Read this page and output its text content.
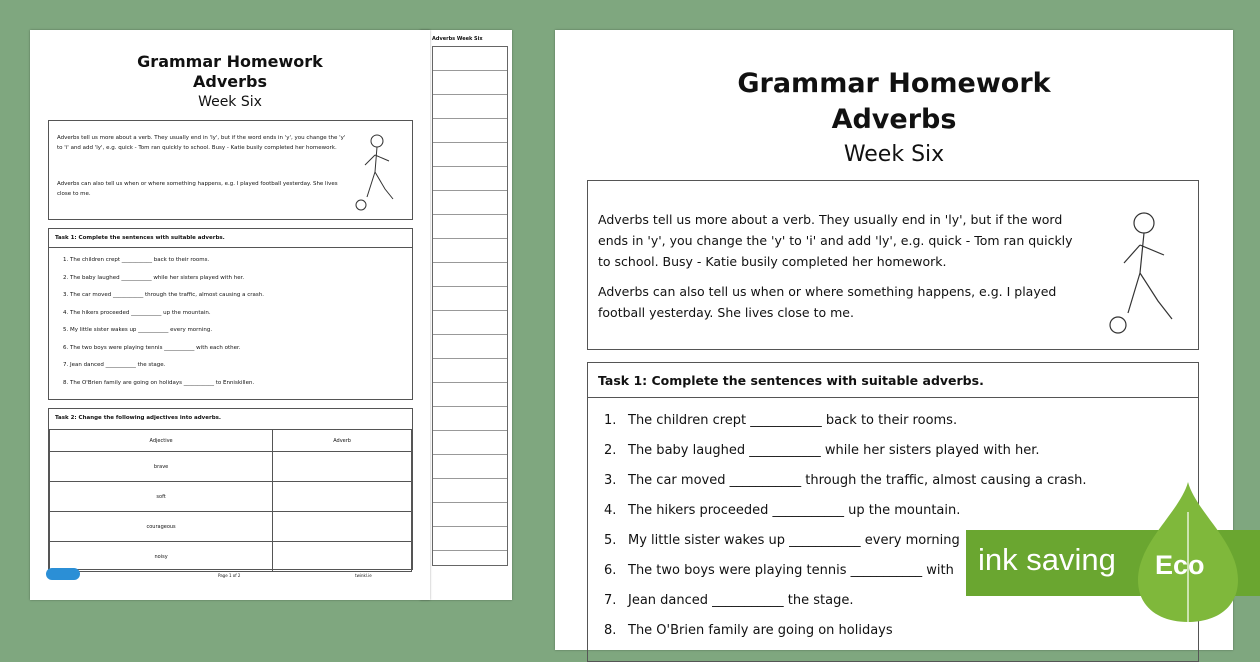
Adverbs Week Six
Grammar Homework
Adverbs
Week Six
Adverbs tell us more about a verb. They usually end in 'ly', but if the word ends in 'y', you change the 'y' to 'i' and add 'ly', e.g. quick - Tom ran quickly to school. Busy - Katie busily completed her homework.
Adverbs can also tell us when or where something happens, e.g. I played football yesterday. She lives close to me.
Task 1: Complete the sentences with suitable adverbs.
1. The children crept ___________ back to their rooms.
2. The baby laughed ___________ while her sisters played with her.
3. The car moved ___________ through the traffic, almost causing a crash.
4. The hikers proceeded ___________ up the mountain.
5. My little sister wakes up ___________ every morning.
6. The two boys were playing tennis ___________ with each other.
7. Jean danced ___________ the stage.
8. The O'Brien family are going on holidays ___________ to Enniskillen.
Task 2: Change the following adjectives into adverbs.
Adjective	Adverb
brave	
soft	
courageous	
noisy	
Page 1 of 2	twinkl.ie
Grammar Homework
Adverbs
Week Six
Adverbs tell us more about a verb. They usually end in 'ly', but if the word ends in 'y', you change the 'y' to 'i' and add 'ly', e.g. quick - Tom ran quickly to school. Busy - Katie busily completed her homework.
Adverbs can also tell us when or where something happens, e.g. I played football yesterday. She lives close to me.
Task 1: Complete the sentences with suitable adverbs.
1. The children crept ___________ back to their rooms.
2. The baby laughed ___________ while her sisters played with her.
3. The car moved ___________ through the traffic, almost causing a crash.
4. The hikers proceeded ___________ up the mountain.
5. My little sister wakes up ___________ every morning
6. The two boys were playing tennis ___________ with
7. Jean danced ___________ the stage.
8. The O'Brien family are going on holidays
ink saving Eco
